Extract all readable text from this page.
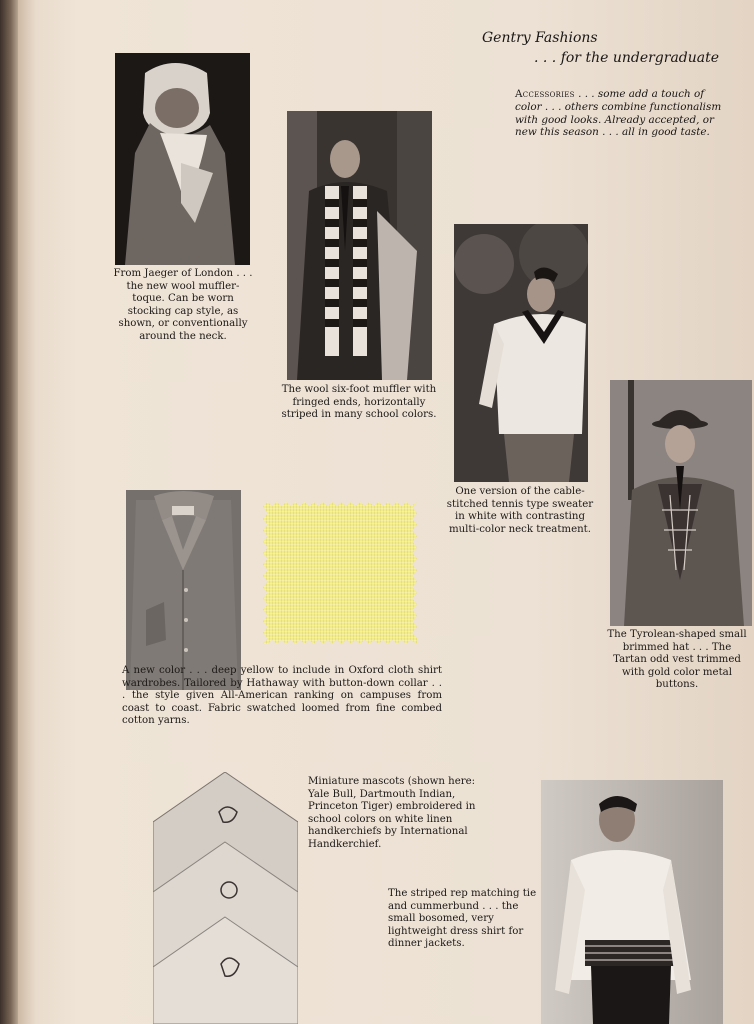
Gentry Fashions
. . . for the undergraduate
Accessories . . . some add a touch of color . . . others combine functionalism with good looks. Already accepted, or new this season . . . all in good taste.
From Jaeger of London . . . the new wool muffler-toque. Can be worn stocking cap style, as shown, or conventionally around the neck.
The wool six-foot muffler with fringed ends, horizontally striped in many school colors.
One version of the cable-stitched tennis type sweater in white with contrasting multi-color neck treatment.
The Tyrolean-shaped small brimmed hat . . . The Tartan odd vest trimmed with gold color metal buttons.
A new color . . . deep yellow to include in Oxford cloth shirt wardrobes. Tailored by Hathaway with button-down collar . . . the style given All-American ranking on campuses from coast to coast. Fabric swatched loomed from fine combed cotton yarns.
Miniature mascots (shown here: Yale Bull, Dartmouth Indian, Princeton Tiger) embroidered in school colors on white linen handkerchiefs by International Handkerchief.
The striped rep matching tie and cummerbund . . . the small bosomed, very lightweight dress shirt for dinner jackets.
